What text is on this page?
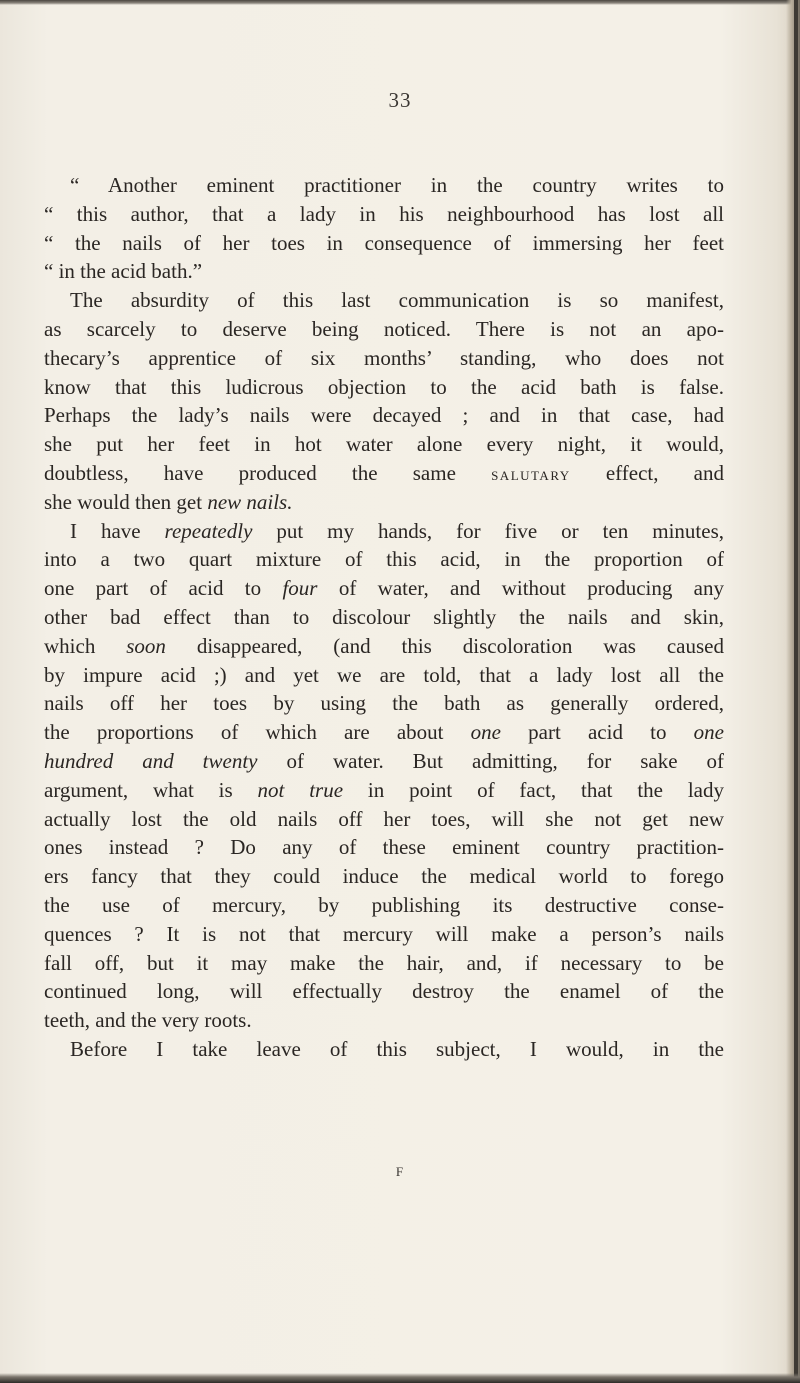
33
“ Another eminent practitioner in the country writes to
“ this author, that a lady in his neighbourhood has lost all
“ the nails of her toes in consequence of immersing her feet
“ in the acid bath.”
The absurdity of this last communication is so manifest,
as scarcely to deserve being noticed. There is not an apo-
thecary’s apprentice of six months’ standing, who does not
know that this ludicrous objection to the acid bath is false.
Perhaps the lady’s nails were decayed ; and in that case, had
she put her feet in hot water alone every night, it would,
doubtless, have produced the same salutary effect, and
she would then get new nails.
I have repeatedly put my hands, for five or ten minutes,
into a two quart mixture of this acid, in the proportion of
one part of acid to four of water, and without producing any
other bad effect than to discolour slightly the nails and skin,
which soon disappeared, (and this discoloration was caused
by impure acid ;) and yet we are told, that a lady lost all the
nails off her toes by using the bath as generally ordered,
the proportions of which are about one part acid to one
hundred and twenty of water. But admitting, for sake of
argument, what is not true in point of fact, that the lady
actually lost the old nails off her toes, will she not get new
ones instead ? Do any of these eminent country practition-
ers fancy that they could induce the medical world to forego
the use of mercury, by publishing its destructive conse-
quences ? It is not that mercury will make a person’s nails
fall off, but it may make the hair, and, if necessary to be
continued long, will effectually destroy the enamel of the
teeth, and the very roots.
Before I take leave of this subject, I would, in the
F
